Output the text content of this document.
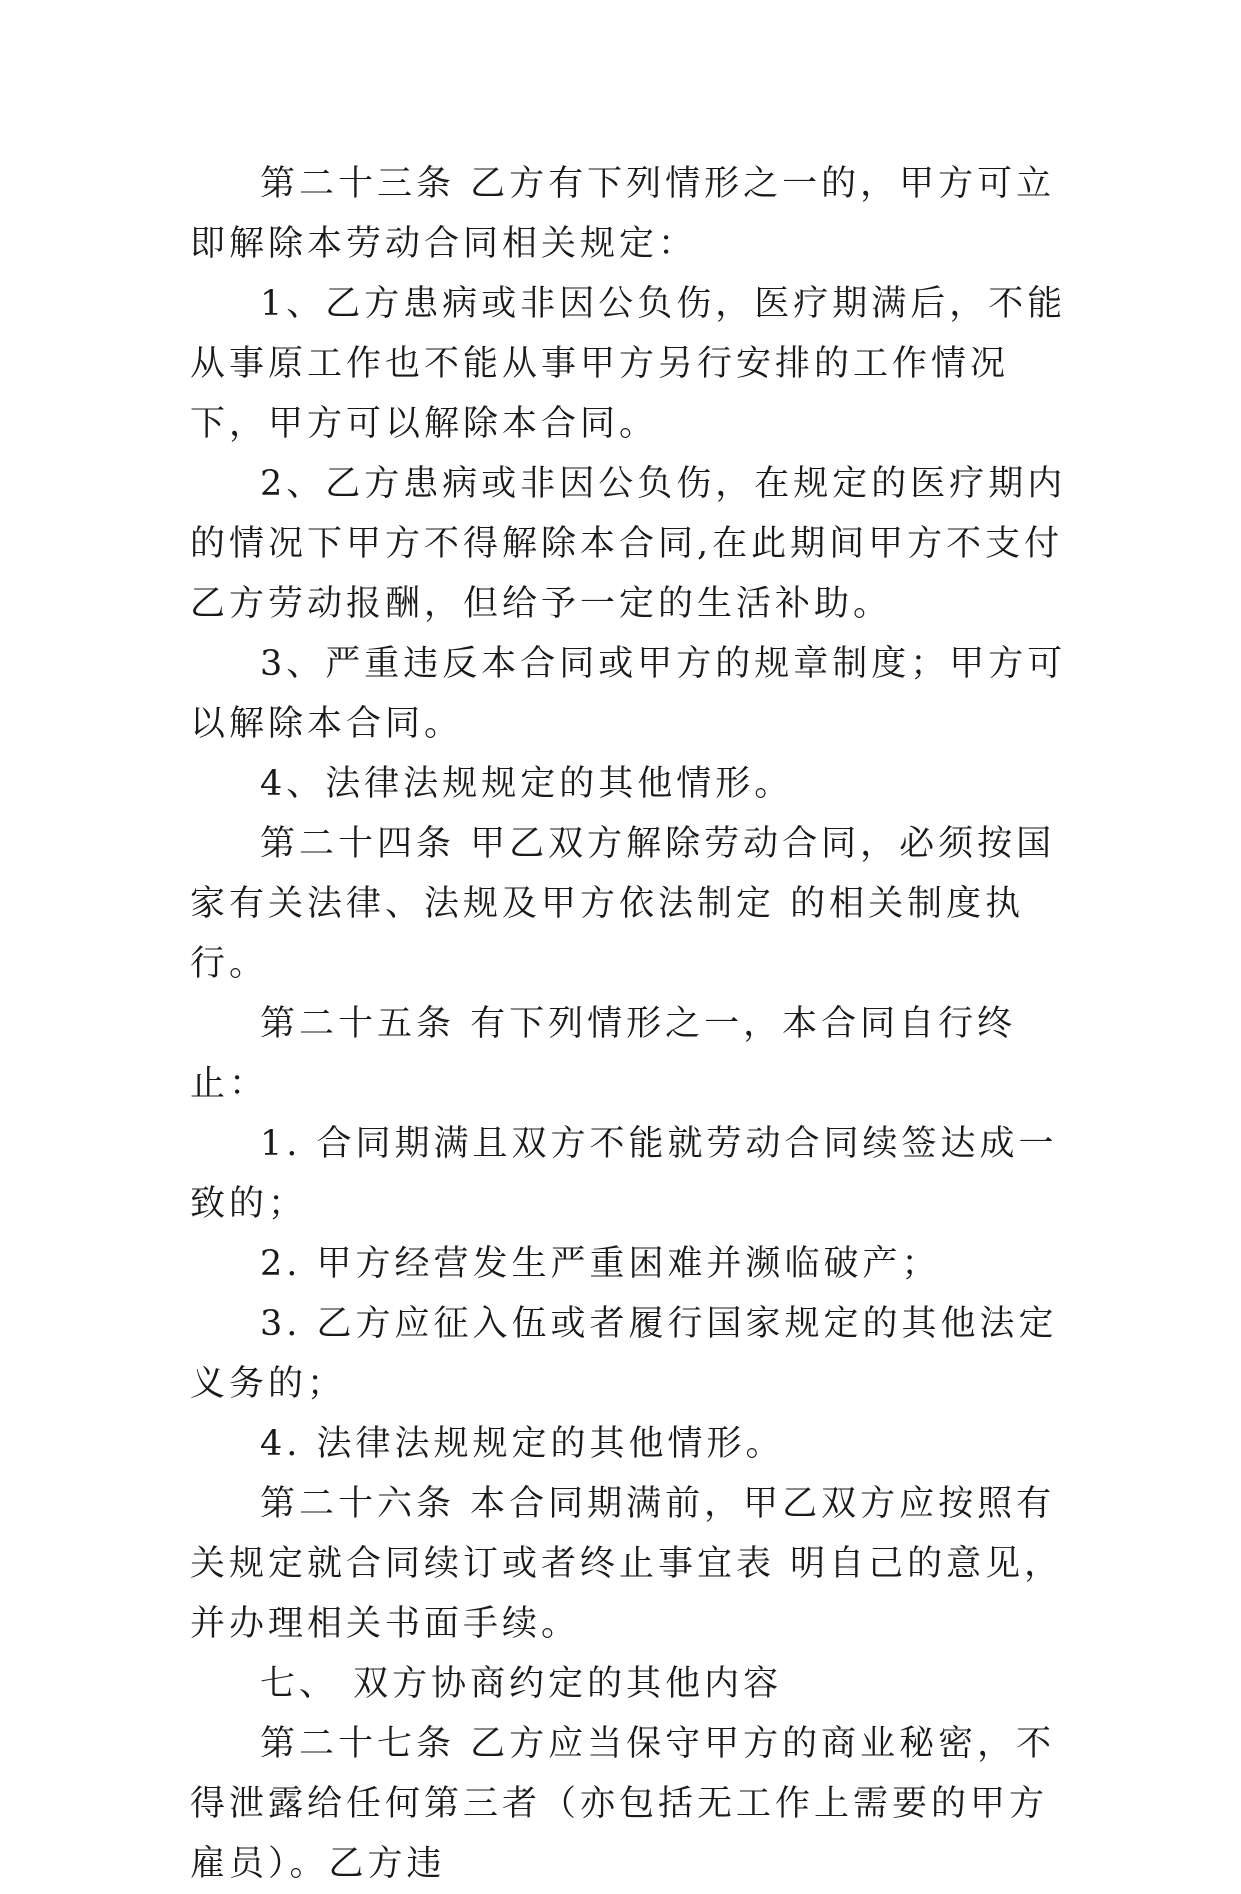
第二十三条 乙方有下列情形之一的，甲方可立即解除本劳动合同相关规定：

1、乙方患病或非因公负伤，医疗期满后，不能从事原工作也不能从事甲方另行安排的工作情况下，甲方可以解除本合同。

2、乙方患病或非因公负伤，在规定的医疗期内的情况下甲方不得解除本合同,在此期间甲方不支付乙方劳动报酬，但给予一定的生活补助。

3、严重违反本合同或甲方的规章制度；甲方可以解除本合同。

4、法律法规规定的其他情形。

第二十四条 甲乙双方解除劳动合同，必须按国家有关法律、法规及甲方依法制定 的相关制度执行。

第二十五条 有下列情形之一，本合同自行终止：

1. 合同期满且双方不能就劳动合同续签达成一致的；

2. 甲方经营发生严重困难并濒临破产；

3. 乙方应征入伍或者履行国家规定的其他法定义务的；

4. 法律法规规定的其他情形。

第二十六条 本合同期满前，甲乙双方应按照有关规定就合同续订或者终止事宜表 明自己的意见，并办理相关书面手续。

七、 双方协商约定的其他内容

第二十七条 乙方应当保守甲方的商业秘密，不得泄露给任何第三者（亦包括无工作上需要的甲方雇员）。乙方违
